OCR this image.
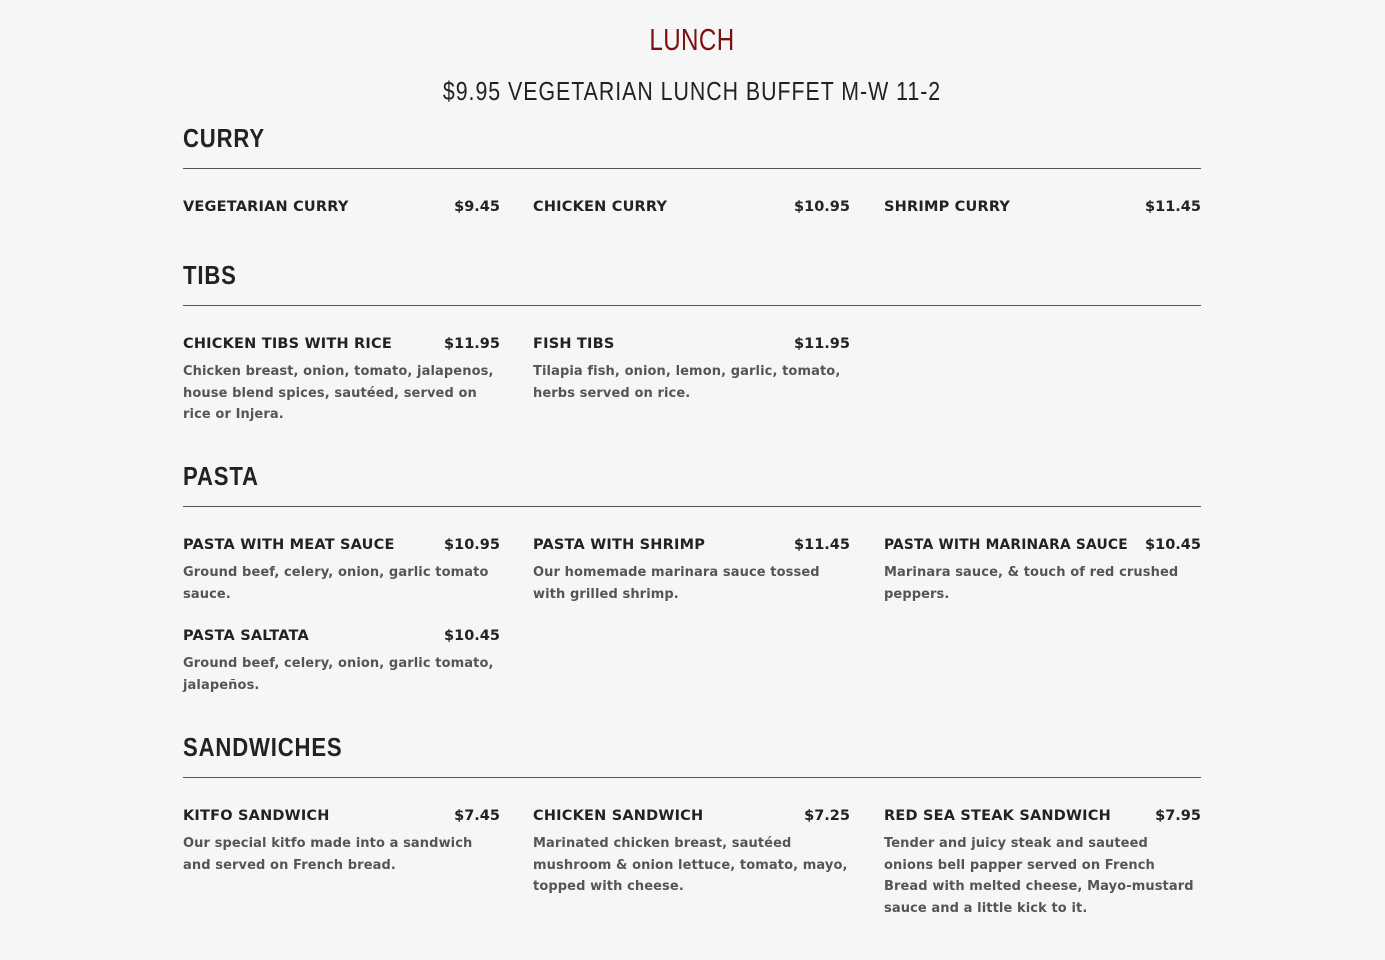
LUNCH
$9.95 VEGETARIAN LUNCH BUFFET M-W 11-2
CURRY
VEGETARIAN CURRY	$9.45 CHICKEN CURRY	$10.95 SHRIMP CURRY	$11.45
TIBS
CHICKEN TIBS WITH RICE	$11.95
Chicken breast, onion, tomato, jalapenos, house blend spices, sautéed, served on rice or Injera.
FISH TIBS	$11.95
Tilapia fish, onion, lemon, garlic, tomato, herbs served on rice.
PASTA
PASTA WITH MEAT SAUCE	$10.95
Ground beef, celery, onion, garlic tomato sauce.
PASTA WITH SHRIMP	$11.45
Our homemade marinara sauce tossed with grilled shrimp.
PASTA WITH MARINARA SAUCE $10.45
Marinara sauce, & touch of red crushed peppers.
PASTA SALTATA	$10.45
Ground beef, celery, onion, garlic tomato, jalapeños.
SANDWICHES
KITFO SANDWICH	$7.45
Our special kitfo made into a sandwich and served on French bread.
CHICKEN SANDWICH	$7.25
Marinated chicken breast, sautéed mushroom & onion lettuce, tomato, mayo, topped with cheese.
RED SEA STEAK SANDWICH	$7.95
Tender and juicy steak and sauteed onions bell papper served on French Bread with melted cheese, Mayo-mustard sauce and a little kick to it.
